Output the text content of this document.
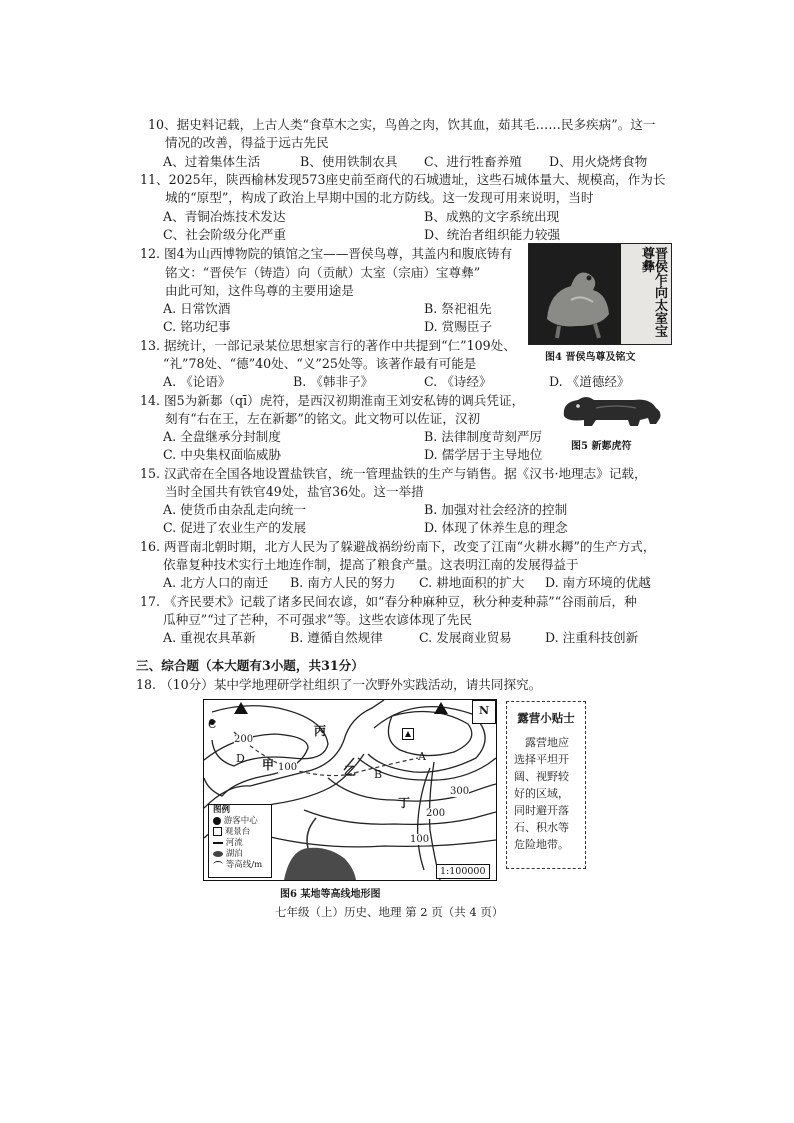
10、据史料记载，上古人类“食草木之实，鸟兽之肉，饮其血，茹其毛……民多疾病”。这一
情况的改善，得益于远古先民
A、过着集体生活	B、使用铁制农具 C、进行牲畜养殖 D、用火烧烤食物
11、2025年，陕西榆林发现573座史前至商代的石城遗址，这些石城体量大、规模高，作为长
城的“原型”，构成了政治上早期中国的北方防线。这一发现可用来说明，当时
A、青铜冶炼技术发达	B、成熟的文字系统出现
C、社会阶级分化严重	D、统治者组织能力较强
12. 图4为山西博物院的镇馆之宝——晋侯鸟尊，其盖内和腹底铸有
铭文：“晋侯乍（铸造）向（贡献）太室（宗庙）宝尊彝”
由此可知，这件鸟尊的主要用途是
A. 日常饮酒	B. 祭祀祖先
C. 铭功纪事	D. 赏赐臣子
晋
侯
乍
向
太
室
宝
尊
彝
图4 晋侯鸟尊及铭文
13. 据统计，一部记录某位思想家言行的著作中共提到“仁”109处、
“礼”78处、“德”40处、“义”25处等。该著作最有可能是
A. 《论语》	B. 《韩非子》	C. 《诗经》	D. 《道德经》
14. 图5为新郪（qī）虎符，是西汉初期淮南王刘安私铸的调兵凭证，
刻有“右在王，左在新郪”的铭文。此文物可以佐证，汉初
A. 全盘继承分封制度	B. 法律制度苛刻严厉
C. 中央集权面临威胁	D. 儒学居于主导地位
图5 新郪虎符
15. 汉武帝在全国各地设置盐铁官，统一管理盐铁的生产与销售。据《汉书·地理志》记载，
当时全国共有铁官49处，盐官36处。这一举措
A. 使货币由杂乱走向统一	B. 加强对社会经济的控制
C. 促进了农业生产的发展	D. 体现了休养生息的理念
16. 两晋南北朝时期，北方人民为了躲避战祸纷纷南下，改变了江南“火耕水耨”的生产方式，
依靠复种技术实行土地连作制，提高了粮食产量。这表明江南的发展得益于
A. 北方人口的南迁 B. 南方人民的努力 C. 耕地面积的扩大 D. 南方环境的优越
17. 《齐民要术》记载了诸多民间农谚，如“春分种麻种豆，秋分种麦种蒜”“谷雨前后，种
瓜种豆”“过了芒种，不可强求”等。这些农谚体现了先民
A. 重视农具革新	B. 遵循自然规律	C. 发展商业贸易	D. 注重科技创新
三、综合题（本大题有3小题，共31分）
18. （10分）某中学地理研学社组织了一次野外实践活动，请共同探究。
N
丙
甲	乙
丁
C
D	A
B
200
100
300
200
100
图例
游客中心
观景台
河流
湖泊
等高线/m
1:100000
图6 某地等高线地形图
露营小贴士
露营地应
选择平坦开
阔、视野较
好的区域，
同时避开落
石、积水等
危险地带。
七年级（上）历史、地理 第 2 页（共 4 页）
